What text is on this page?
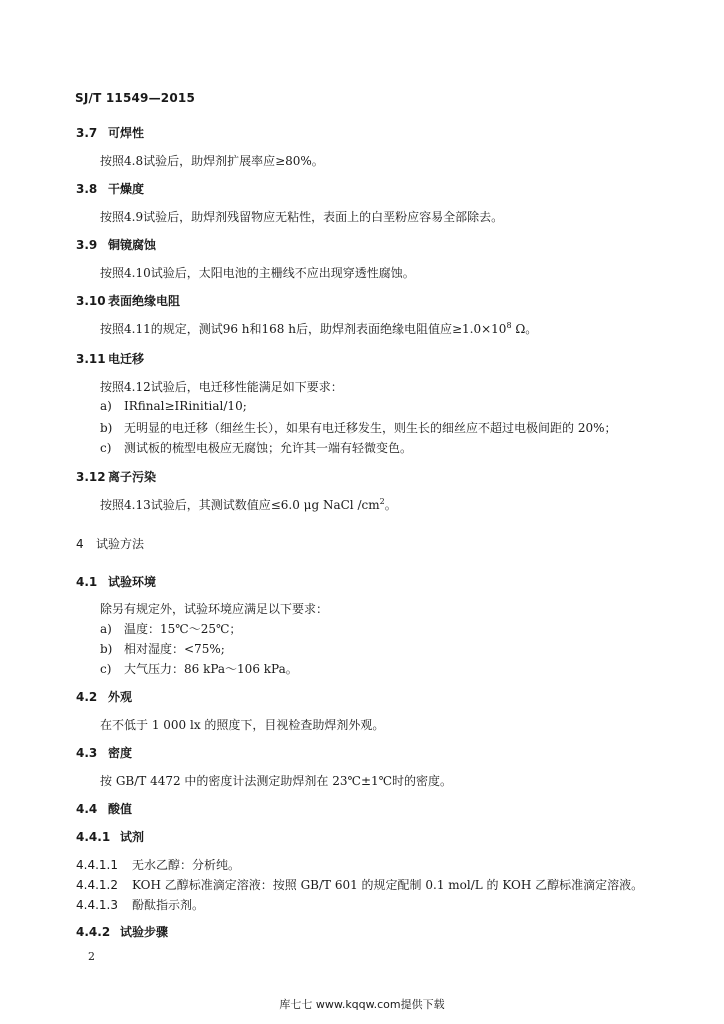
SJ/T 11549—2015
3.7 可焊性
按照4.8试验后，助焊剂扩展率应≥80%。
3.8 干燥度
按照4.9试验后，助焊剂残留物应无粘性，表面上的白垩粉应容易全部除去。
3.9 铜镜腐蚀
按照4.10试验后，太阳电池的主栅线不应出现穿透性腐蚀。
3.10 表面绝缘电阻
按照4.11的规定，测试96 h和168 h后，助焊剂表面绝缘电阻值应$\ge 1.0\times 10^8$ Ω。
3.11 电迁移
按照4.12试验后，电迁移性能满足如下要求：
a) IRfinal≥IRinitial/10;
b) 无明显的电迁移（细丝生长），如果有电迁移发生，则生长的细丝应不超过电极间距的 20%；
c) 测试板的梳型电极应无腐蚀；允许其一端有轻微变色。
3.12 离子污染
按照4.13试验后，其测试数值应≤6.0 μg NaCl $/cm^2$。
4 试验方法
4.1 试验环境
除另有规定外，试验环境应满足以下要求：
a) 温度：15℃～25℃；
b) 相对湿度：<75%;
c) 大气压力：86 kPa～106 kPa。
4.2 外观
在不低于 1 000 lx 的照度下，目视检查助焊剂外观。
4.3 密度
按 GB/T 4472 中的密度计法测定助焊剂在 23℃±1℃时的密度。
4.4 酸值
4.4.1 试剂
4.4.1.1 无水乙醇：分析纯。
4.4.1.2 KOH 乙醇标准滴定溶液：按照 GB/T 601 的规定配制 0.1 mol/L 的 KOH 乙醇标准滴定溶液。
4.4.1.3 酚酞指示剂。
4.4.2 试验步骤
2
库七七 www.kqqw.com提供下载
